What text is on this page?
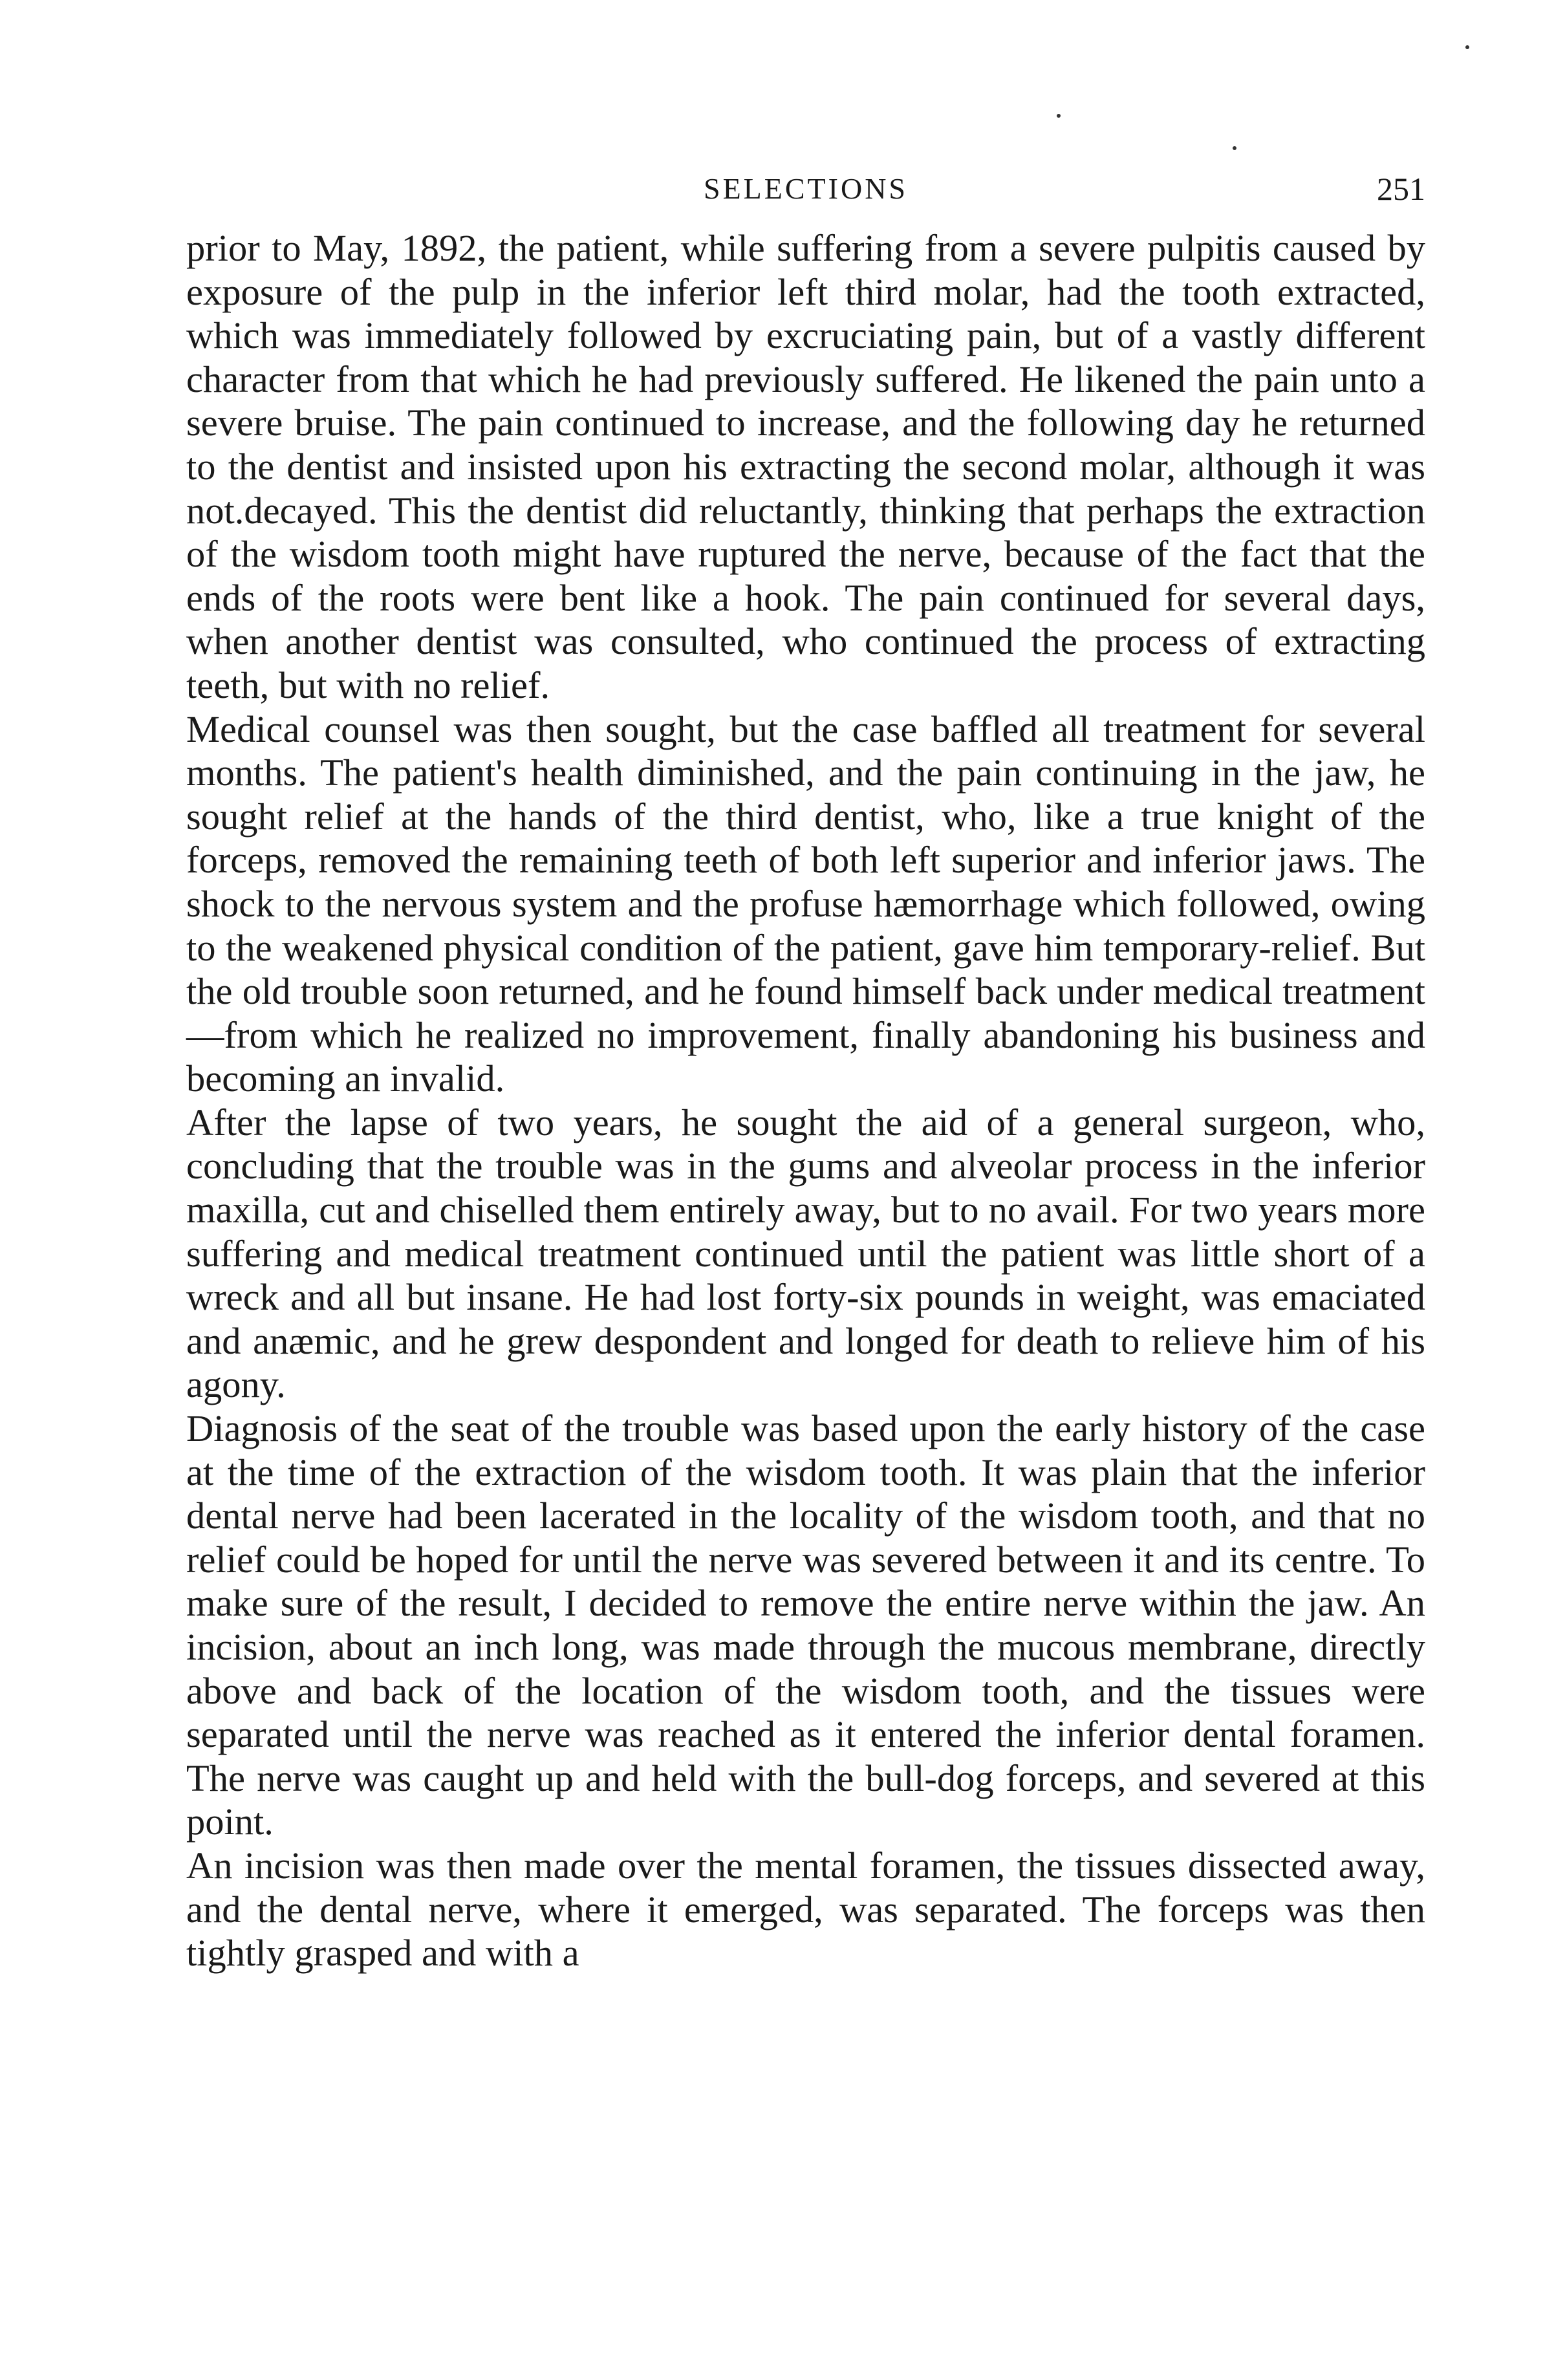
SELECTIONS	251

prior to May, 1892, the patient, while suffering from a severe pulpitis caused by exposure of the pulp in the inferior left third molar, had the tooth extracted, which was immediately followed by excruciating pain, but of a vastly different character from that which he had previously suffered. He likened the pain unto a severe bruise. The pain continued to increase, and the following day he returned to the dentist and insisted upon his extracting the second molar, although it was not.decayed. This the dentist did reluctantly, thinking that perhaps the extraction of the wisdom tooth might have ruptured the nerve, because of the fact that the ends of the roots were bent like a hook. The pain continued for several days, when another dentist was consulted, who continued the process of extracting teeth, but with no relief.

Medical counsel was then sought, but the case baffled all treatment for several months. The patient's health diminished, and the pain continuing in the jaw, he sought relief at the hands of the third dentist, who, like a true knight of the forceps, removed the remaining teeth of both left superior and inferior jaws. The shock to the nervous system and the profuse hæmorrhage which followed, owing to the weakened physical condition of the patient, gave him temporary-relief. But the old trouble soon returned, and he found himself back under medical treatment—from which he realized no improvement, finally abandoning his business and becoming an invalid.

After the lapse of two years, he sought the aid of a general surgeon, who, concluding that the trouble was in the gums and alveolar process in the inferior maxilla, cut and chiselled them entirely away, but to no avail. For two years more suffering and medical treatment continued until the patient was little short of a wreck and all but insane. He had lost forty-six pounds in weight, was emaciated and anæmic, and he grew despondent and longed for death to relieve him of his agony.

Diagnosis of the seat of the trouble was based upon the early history of the case at the time of the extraction of the wisdom tooth. It was plain that the inferior dental nerve had been lacerated in the locality of the wisdom tooth, and that no relief could be hoped for until the nerve was severed between it and its centre. To make sure of the result, I decided to remove the entire nerve within the jaw. An incision, about an inch long, was made through the mucous membrane, directly above and back of the location of the wisdom tooth, and the tissues were separated until the nerve was reached as it entered the inferior dental foramen. The nerve was caught up and held with the bull-dog forceps, and severed at this point.

An incision was then made over the mental foramen, the tissues dissected away, and the dental nerve, where it emerged, was separated. The forceps was then tightly grasped and with a
